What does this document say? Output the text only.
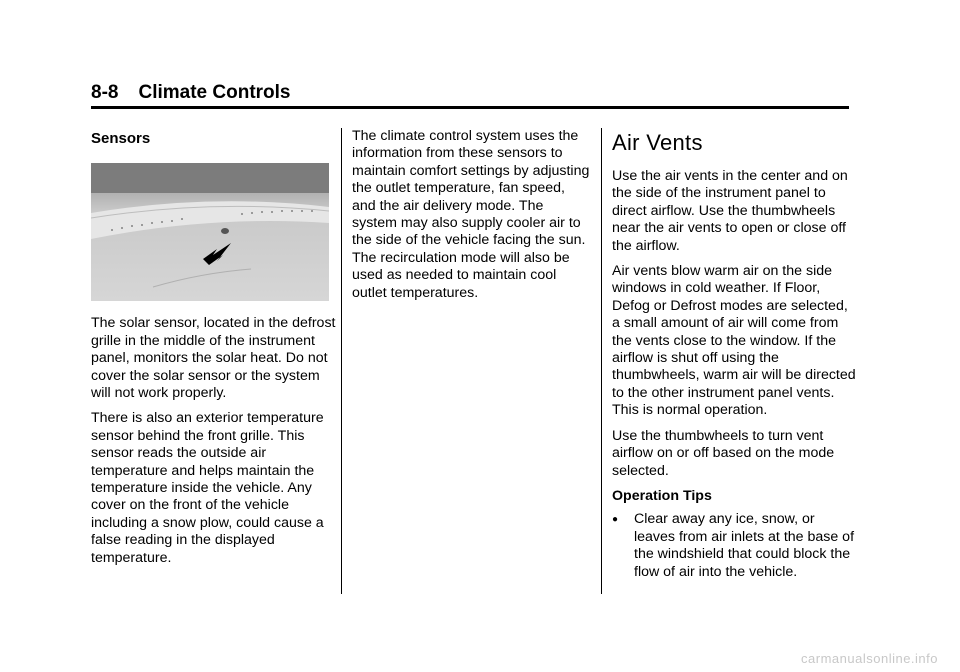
8-8 Climate Controls
Sensors

The solar sensor, located in the defrost grille in the middle of the instrument panel, monitors the solar heat. Do not cover the solar sensor or the system will not work properly.

There is also an exterior temperature sensor behind the front grille. This sensor reads the outside air temperature and helps maintain the temperature inside the vehicle. Any cover on the front of the vehicle including a snow plow, could cause a false reading in the displayed temperature.

The climate control system uses the information from these sensors to maintain comfort settings by adjusting the outlet temperature, fan speed, and the air delivery mode. The system may also supply cooler air to the side of the vehicle facing the sun. The recirculation mode will also be used as needed to maintain cool outlet temperatures.

Air Vents

Use the air vents in the center and on the side of the instrument panel to direct airflow. Use the thumbwheels near the air vents to open or close off the airflow.

Air vents blow warm air on the side windows in cold weather. If Floor, Defog or Defrost modes are selected, a small amount of air will come from the vents close to the window. If the airflow is shut off using the thumbwheels, warm air will be directed to the other instrument panel vents. This is normal operation.

Use the thumbwheels to turn vent airflow on or off based on the mode selected.

Operation Tips
●	Clear away any ice, snow, or leaves from air inlets at the base of the windshield that could block the flow of air into the vehicle.
carmanualsonline.info
